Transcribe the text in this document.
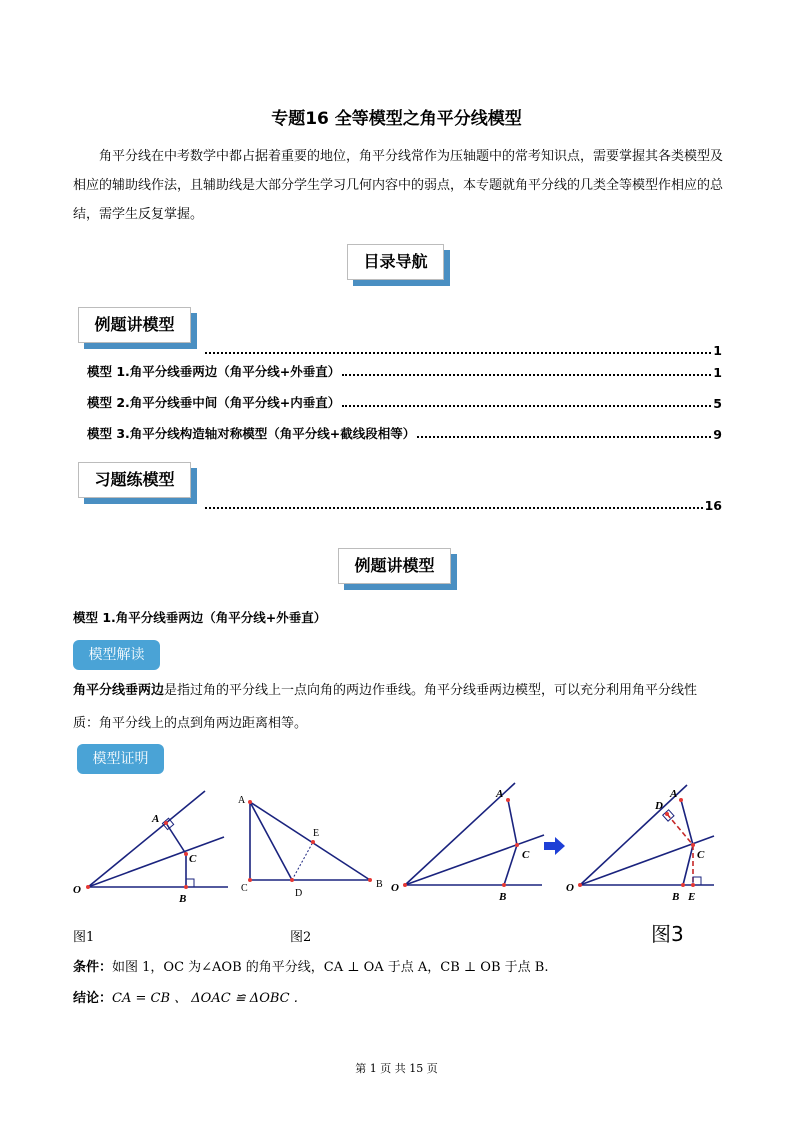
专题16 全等模型之角平分线模型
角平分线在中考数学中都占据着重要的地位，角平分线常作为压轴题中的常考知识点，需要掌握其各类模型及相应的辅助线作法，且辅助线是大部分学生学习几何内容中的弱点，本专题就角平分线的几类全等模型作相应的总结，需学生反复掌握。
目录导航
例题讲模型
1
模型 1.角平分线垂两边（角平分线+外垂直）	1
模型 2.角平分线垂中间（角平分线+内垂直）	5
模型 3.角平分线构造轴对称模型（角平分线+截线段相等）	9
习题练模型
16
例题讲模型
模型 1.角平分线垂两边（角平分线+外垂直）
模型解读
角平分线垂两边是指过角的平分线上一点向角的两边作垂线。角平分线垂两边模型，可以充分利用角平分线性质：角平分线上的点到角两边距离相等。
模型证明
O
A
C
B
A
C	D
B
E
O
A
C
B
O
A
D
C
B E
图1	图2	图3
条件：如图 1，OC 为∠AOB 的角平分线，CA ⊥ OA 于点 A，CB ⊥ OB 于点 B.
结论：CA = CB 、 ΔOAC ≌ ΔOBC .
第 1 页 共 15 页
